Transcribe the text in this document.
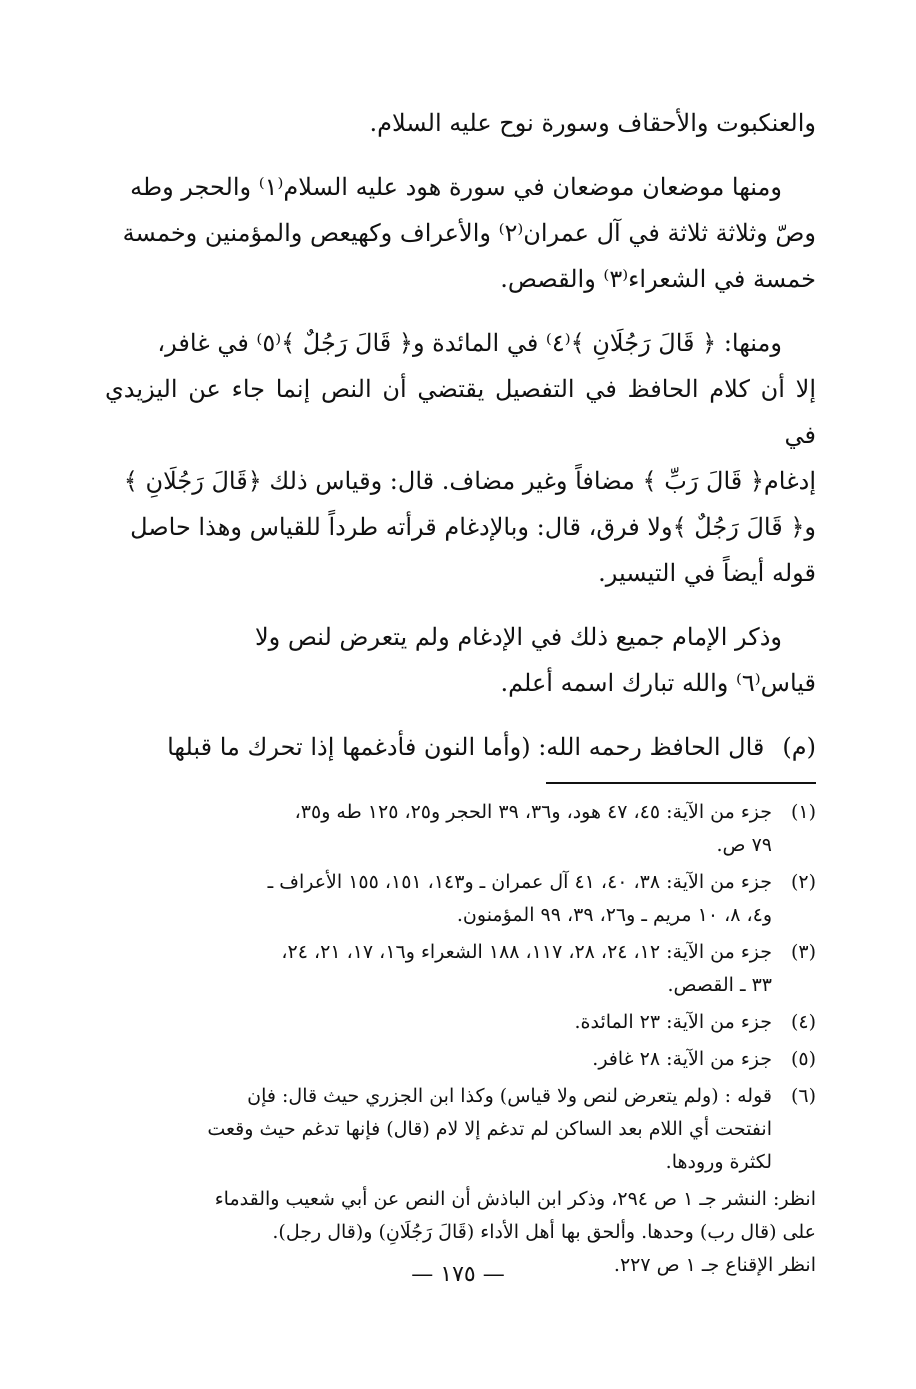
والعنكبوت والأحقاف وسورة نوح عليه السلام.

ومنها موضعان موضعان في سورة هود عليه السلام⁽١⁾ والحجر وطه

وصّ وثلاثة ثلاثة في آل عمران⁽٢⁾ والأعراف وكهيعص والمؤمنين وخمسة

خمسة في الشعراء⁽٣⁾ والقصص.

ومنها: ﴿ قَالَ رَجُلَانِ ﴾⁽٤⁾ في المائدة و﴿ قَالَ رَجُلٌ ﴾⁽٥⁾ في غافر،

إلا أن كلام الحافظ في التفصيل يقتضي أن النص إنما جاء عن اليزيدي في

إدغام﴿ قَالَ رَبِّ ﴾ مضافاً وغير مضاف. قال: وقياس ذلك ﴿قَالَ رَجُلَانِ ﴾

و﴿ قَالَ رَجُلٌ ﴾ولا فرق، قال: وبالإدغام قرأته طرداً للقياس وهذا حاصل

قوله أيضاً في التيسير.

وذكر الإمام جميع ذلك في الإدغام ولم يتعرض لنص ولا

قياس⁽٦⁾ والله تبارك اسمه أعلم.

(م)
قال الحافظ رحمه الله: (وأما النون فأدغمها إذا تحرك ما قبلها
(١)

جزء من الآية: ٤٥، ٤٧ هود، و٣٦، ٣٩ الحجر و٢٥، ١٢٥ طه و٣٥،

٧٩ ص.

(٢)

جزء من الآية: ٣٨، ٤٠، ٤١ آل عمران ـ و١٤٣، ١٥١، ١٥٥ الأعراف ـ

و٤، ٨، ١٠ مريم ـ و٢٦، ٣٩، ٩٩ المؤمنون.

(٣)

جزء من الآية: ١٢، ٢٤، ٢٨، ١١٧، ١٨٨ الشعراء و١٦، ١٧، ٢١، ٢٤،

٣٣ ـ القصص.

(٤)

جزء من الآية: ٢٣ المائدة.

(٥)

جزء من الآية: ٢٨ غافر.

(٦)

قوله : (ولم يتعرض لنص ولا قياس) وكذا ابن الجزري حيث قال: فإن

انفتحت أي اللام بعد الساكن لم تدغم إلا لام (قال) فإنها تدغم حيث وقعت

لكثرة ورودها.

انظر: النشر جـ ١ ص ٢٩٤، وذكر ابن الباذش أن النص عن أبي شعيب والقدماء

على (قال رب) وحدها. وألحق بها أهل الأداء (قَالَ رَجُلَانِ) و(قال رجل).

انظر الإقناع جـ ١ ص ٢٢٧.

— ١٧٥ —
